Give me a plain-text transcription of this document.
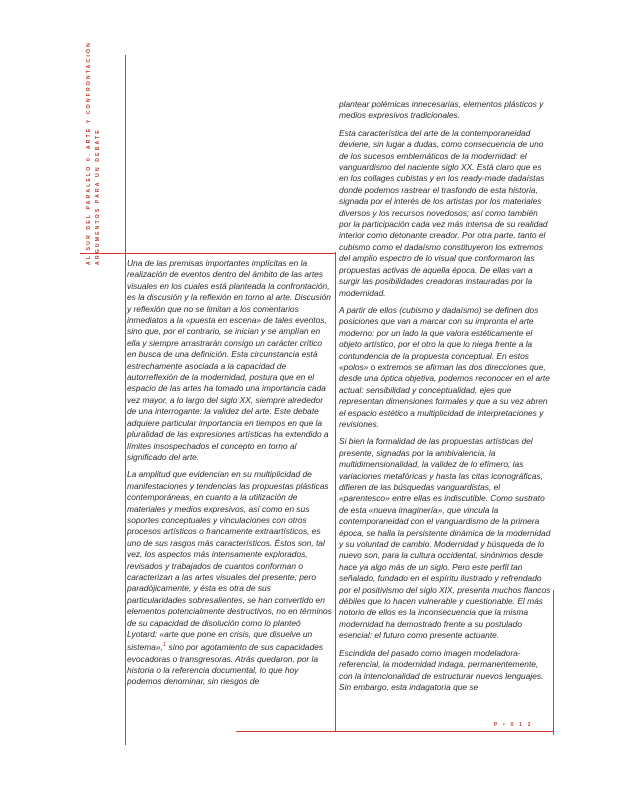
AL SUR DEL PARALELO 0. ARTE Y CONFRONTACIÓN ARGUMENTOS PARA UN DEBATE	Una de las premisas importantes implícitas en la realización de eventos dentro del ámbito de las artes visuales en los cuales está planteada la confrontación, es la discusión y la reflexión en torno al arte. Discusión y reflexión que no se limitan a los comentarios inmediatos a la «puesta en escena» de tales eventos, sino que, por el contrario, se inician y se amplían en ella y siempre arrastrarán consigo un carácter crítico en busca de una definición. Esta circunstancia está estrechamente asociada a la capacidad de autorreflexión de la modernidad, postura que en el espacio de las artes ha tomado una importancia cada vez mayor, a lo largo del siglo XX, siempre alrededor de una interrogante: la validez del arte. Este debate adquiere particular importancia en tiempos en que la pluralidad de las expresiones artísticas ha extendido a límites insospechados el concepto en torno al significado del arte.

La amplitud que evidencian en su multiplicidad de manifestaciones y tendencias las propuestas plásticas contemporáneas, en cuanto a la utilización de materiales y medios expresivos, así como en sus soportes conceptuales y vinculaciones con otros procesos artísticos o francamente extraartísticos, es uno de sus rasgos más característicos. Éstos son, tal vez, los aspectos más intensamente explorados, revisados y trabajados de cuantos conforman o caracterizan a las artes visuales del presente; pero paradójicamente, y ésta es otra de sus particularidades sobresalientes, se han convertido en elementos potencialmente destructivos, no en términos de su capacidad de disolución como lo planteó Lyotard: «arte que pone en crisis, que disuelve un sistema»,$^1$ sino por agotamiento de sus capacidades evocadoras o transgresoras. Atrás quedaron, por la historia o la referencia documental, lo que hoy podemos denominar, sin riesgos de

plantear polémicas innecesarias, elementos plásticos y medios expresivos tradicionales.

Esta característica del arte de la contemporaneidad deviene, sin lugar a dudas, como consecuencia de uno de los sucesos emblemáticos de la modernidad: el vanguardismo del naciente siglo XX. Está claro que es en los collages cubistas y en los ready-made dadaístas donde podemos rastrear el trasfondo de esta historia, signada por el interés de los artistas por los materiales diversos y los recursos novedosos; así como también por la participación cada vez más intensa de su realidad interior como detonante creador. Por otra parte, tanto el cubismo como el dadaísmo constituyeron los extremos del amplio espectro de lo visual que conformaron las propuestas activas de aquella época. De ellas van a surgir las posibilidades creadoras instauradas por la modernidad.

A partir de ellos (cubismo y dadaísmo) se definen dos posiciones que van a marcar con su impronta el arte moderno: por un lado la que valora estéticamente el objeto artístico, por el otro la que lo niega frente a la contundencia de la propuesta conceptual. En estos «polos» o extremos se afirman las dos direcciones que, desde una óptica objetiva, podemos reconocer en el arte actual: sensibilidad y conceptualidad, ejes que representan dimensiones formales y que a su vez abren el espacio estético a multiplicidad de interpretaciones y revisiones.

Si bien la formalidad de las propuestas artísticas del presente, signadas por la ambivalencia, la multidimensionalidad, la validez de lo efímero, las variaciones metafóricas y hasta las citas iconográficas, difieren de las búsquedas vanguardistas, el «parentesco» entre ellas es indiscutible. Como sustrato de esta «nueva imaginería», que vincula la contemporaneidad con el vanguardismo de la primera época, se halla la persistente dinámica de la modernidad y su voluntad de cambio. Modernidad y búsqueda de lo nuevo son, para la cultura occidental, sinónimos desde hace ya algo más de un siglo. Pero este perfil tan señalado, fundado en el espíritu ilustrado y refrendado por el positivismo del siglo XIX, presenta muchos flancos débiles que lo hacen vulnerable y cuestionable. El más notorio de ellos es la inconsecuencia que la misma modernidad ha demostrado frente a su postulado esencial: el futuro como presente actuante.

Escindida del pasado como imagen modeladora-referencial, la modernidad indaga, permanentemente, con la intencionalidad de estructurar nuevos lenguajes. Sin embargo, esta indagatoria que se

P • 0 1 2
